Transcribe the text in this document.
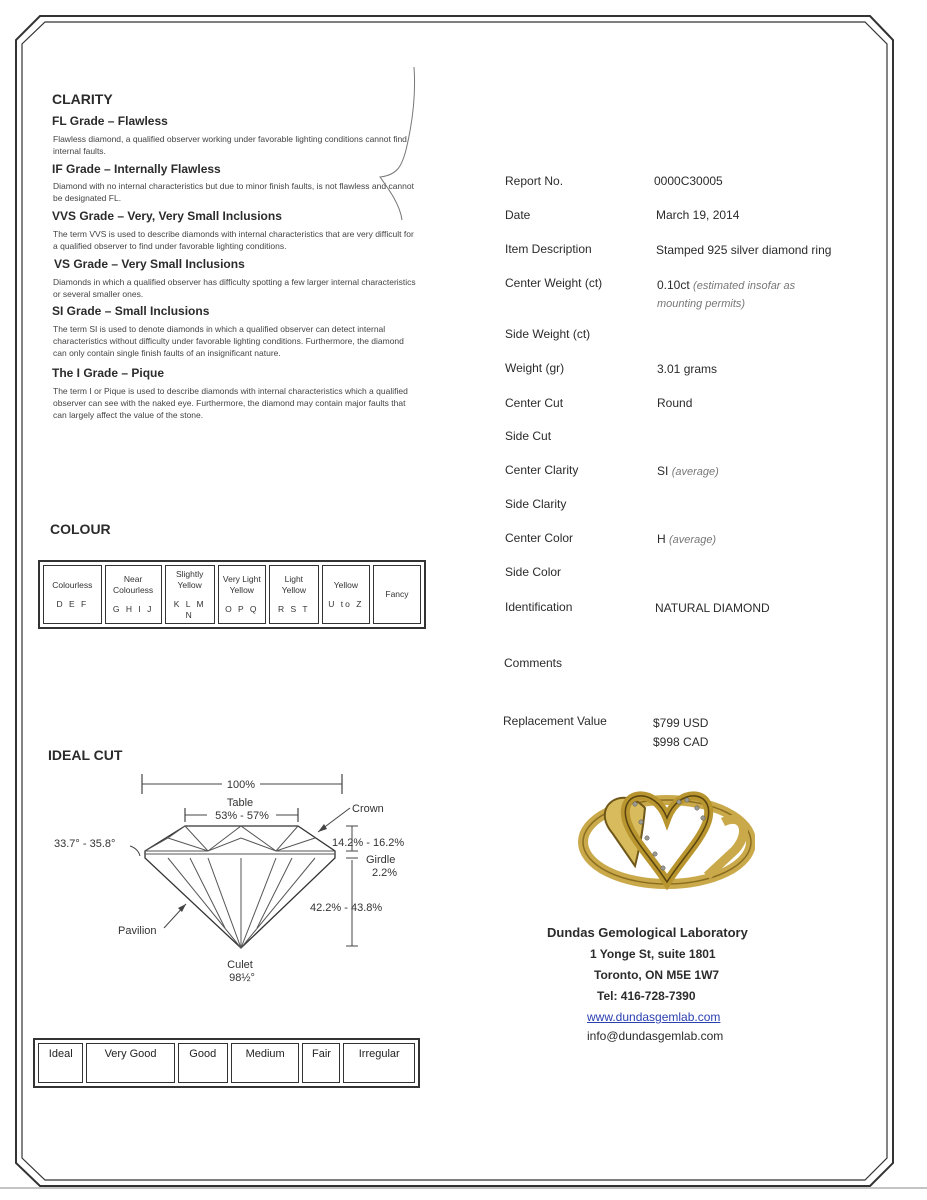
CLARITY
FL Grade – Flawless
Flawless diamond, a qualified observer working under favorable lighting conditions cannot find internal faults.
IF Grade – Internally Flawless
Diamond with no internal characteristics but due to minor finish faults, is not flawless and cannot be designated FL.
VVS Grade – Very, Very Small Inclusions
The term VVS is used to describe diamonds with internal characteristics that are very difficult for a qualified observer to find under favorable lighting conditions.
VS Grade – Very Small Inclusions
Diamonds in which a qualified observer has difficulty spotting a few larger internal characteristics or several smaller ones.
SI Grade – Small Inclusions
The term SI is used to denote diamonds in which a qualified observer can detect internal characteristics without difficulty under favorable lighting conditions. Furthermore, the diamond can only contain single finish faults of an insignificant nature.
The I Grade – Pique
The term I or Pique is used to describe diamonds with internal characteristics which a qualified observer can see with the naked eye. Furthermore, the diamond may contain major faults that can largely affect the value of the stone.
COLOUR
Colourless
D E F
	Near Colourless
G H I J
	Slightly Yellow
K L M N
	Very Light Yellow
O P Q
	Light Yellow
R S T
	Yellow
U to Z
	Fancy
IDEAL CUT
100%
Table
53% - 57%
33.7° - 35.8°
Crown
14.2% - 16.2%
Girdle
2.2%
42.2% - 43.8%
Pavilion
Culet
98½°
Ideal	Very Good	Good	Medium	Fair	Irregular
Report No.	0000C30005
Date	March 19, 2014
Item Description	Stamped 925 silver diamond ring
Center Weight (ct)	0.10ct (estimated insofar as mounting permits)
Side Weight (ct)
Weight (gr)	3.01 grams
Center Cut	Round
Side Cut
Center Clarity	SI (average)
Side Clarity
Center Color	H (average)
Side Color
Identification	NATURAL DIAMOND
Comments
Replacement Value	$799 USD
$998 CAD
Dundas Gemological Laboratory
1 Yonge St, suite 1801
Toronto, ON M5E 1W7
Tel: 416-728-7390
www.dundasgemlab.com
info@dundasgemlab.com
